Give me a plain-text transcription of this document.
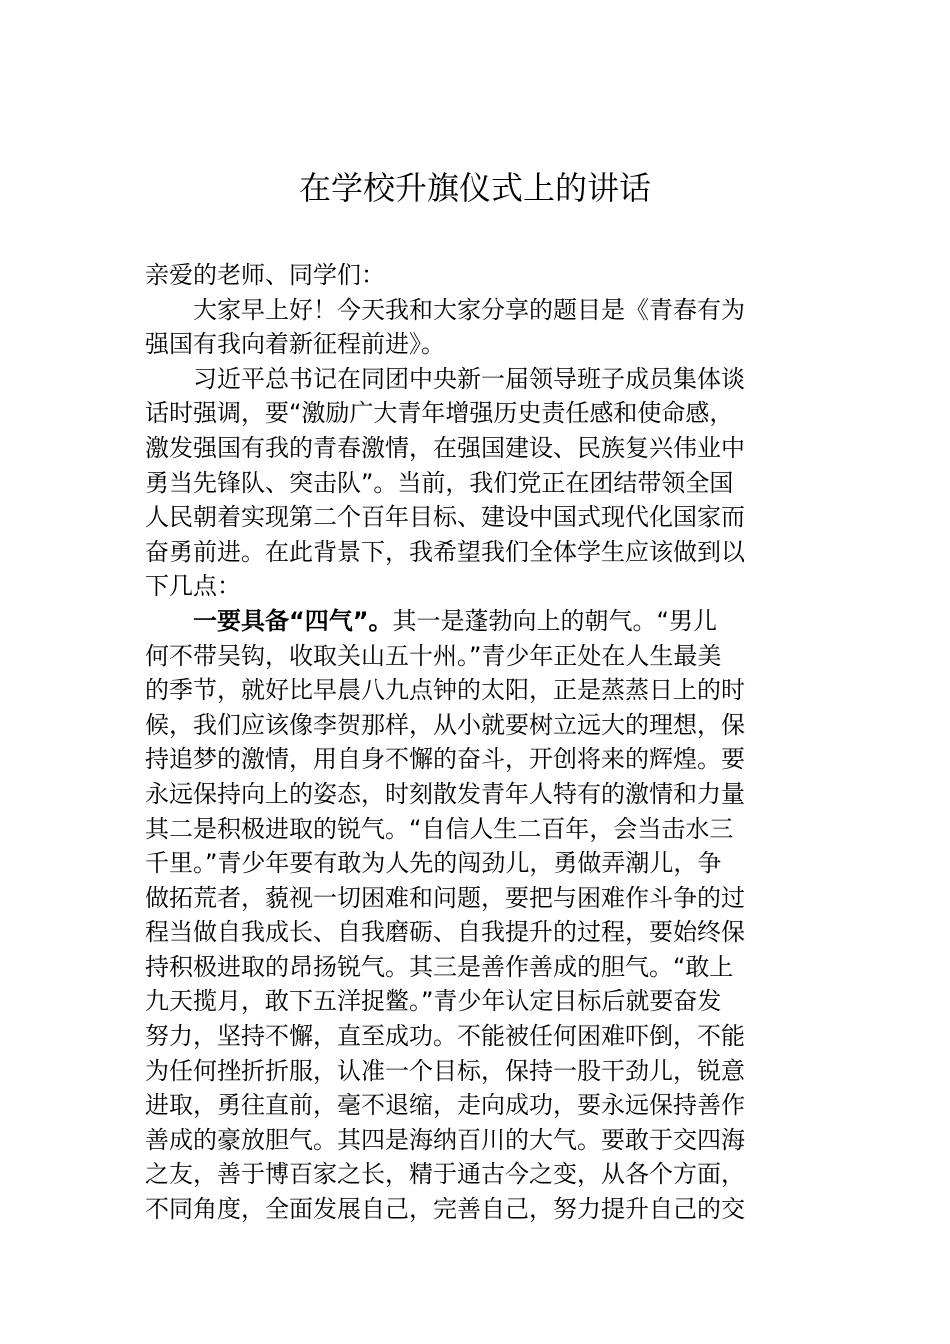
在学校升旗仪式上的讲话
亲爱的老师、同学们：
大家早上好！今天我和大家分享的题目是《青春有为
强国有我向着新征程前进》。
习近平总书记在同团中央新一届领导班子成员集体谈
话时强调，要“激励广大青年增强历史责任感和使命感，
激发强国有我的青春激情，在强国建设、民族复兴伟业中
勇当先锋队、突击队”。当前，我们党正在团结带领全国
人民朝着实现第二个百年目标、建设中国式现代化国家而
奋勇前进。在此背景下，我希望我们全体学生应该做到以
下几点：
一要具备“四气”。其一是蓬勃向上的朝气。“男儿
何不带吴钩，收取关山五十州。”青少年正处在人生最美
的季节，就好比早晨八九点钟的太阳，正是蒸蒸日上的时
候，我们应该像李贺那样，从小就要树立远大的理想，保
持追梦的激情，用自身不懈的奋斗，开创将来的辉煌。要
永远保持向上的姿态，时刻散发青年人特有的激情和力量
其二是积极进取的锐气。“自信人生二百年，会当击水三
千里。”青少年要有敢为人先的闯劲儿，勇做弄潮儿，争
做拓荒者，藐视一切困难和问题，要把与困难作斗争的过
程当做自我成长、自我磨砺、自我提升的过程，要始终保
持积极进取的昂扬锐气。其三是善作善成的胆气。“敢上
九天揽月，敢下五洋捉鳖。”青少年认定目标后就要奋发
努力，坚持不懈，直至成功。不能被任何困难吓倒，不能
为任何挫折折服，认准一个目标，保持一股干劲儿，锐意
进取，勇往直前，毫不退缩，走向成功，要永远保持善作
善成的豪放胆气。其四是海纳百川的大气。要敢于交四海
之友，善于博百家之长，精于通古今之变，从各个方面，
不同角度，全面发展自己，完善自己，努力提升自己的交
